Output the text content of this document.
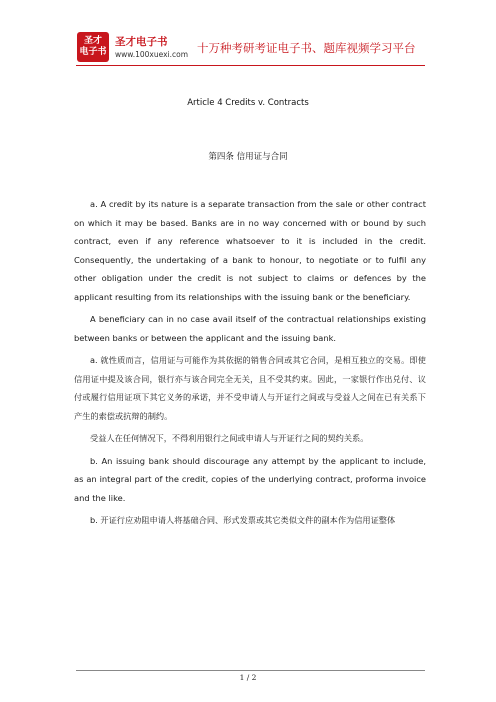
圣才
电子书
圣才电子书
www.100xuexi.com 十万种考研考证电子书、题库视频学习平台
Article 4 Credits v. Contracts
第四条 信用证与合同

a. A credit by its nature is a separate transaction from the sale or other contract on which it may be based. Banks are in no way concerned with or bound by such contract, even if any reference whatsoever to it is included in the credit. Consequently, the undertaking of a bank to honour, to negotiate or to fulfil any other obligation under the credit is not subject to claims or defences by the applicant resulting from its relationships with the issuing bank or the beneficiary.

A beneficiary can in no case avail itself of the contractual relationships existing between banks or between the applicant and the issuing bank.

a. 就性质而言，信用证与可能作为其依据的销售合同或其它合同，是相互独立的交易。即使信用证中提及该合同，银行亦与该合同完全无关，且不受其约束。因此，一家银行作出兑付、议付或履行信用证项下其它义务的承诺，并不受申请人与开证行之间或与受益人之间在已有关系下产生的索偿或抗辩的制约。

受益人在任何情况下，不得利用银行之间或申请人与开证行之间的契约关系。

b. An issuing bank should discourage any attempt by the applicant to include, as an integral part of the credit, copies of the underlying contract, proforma invoice and the like.

b. 开证行应劝阻申请人将基础合同、形式发票或其它类似文件的副本作为信用证整体

1 / 2
